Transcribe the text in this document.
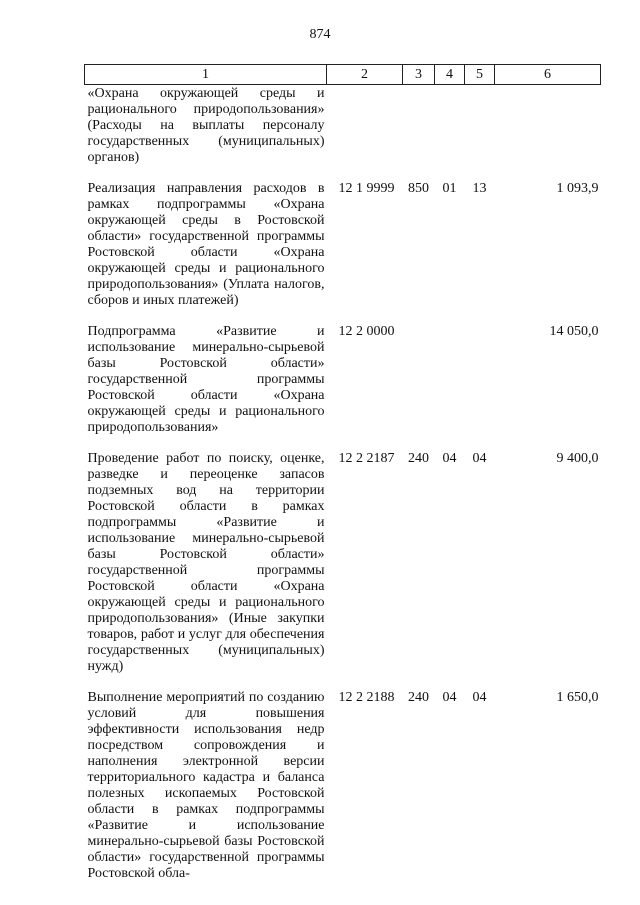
874
1	2	3	4	5	6
«Охрана окружающей среды и рационального природопользования» (Расходы на выплаты персоналу государственных (муниципальных) органов)					
Реализация направления расходов в рамках подпрограммы «Охрана окружающей среды в Ростовской области» государственной программы Ростовской области «Охрана окружающей среды и рационального природопользования» (Уплата налогов, сборов и иных платежей)	12 1 9999	850	01	13	1 093,9
Подпрограмма «Развитие и использование минерально-сырьевой базы Ростовской области» государственной программы Ростовской области «Охрана окружающей среды и рационального природопользования»	12 2 0000				14 050,0
Проведение работ по поиску, оценке, разведке и переоценке запасов подземных вод на территории Ростовской области в рамках подпрограммы «Развитие и использование минерально-сырьевой базы Ростовской области» государственной программы Ростовской области «Охрана окружающей среды и рационального природопользования» (Иные закупки товаров, работ и услуг для обеспечения государственных (муниципальных) нужд)	12 2 2187	240	04	04	9 400,0
Выполнение мероприятий по созданию условий для повышения эффективности использования недр посредством сопровождения и наполнения электронной версии территориального кадастра и баланса полезных ископаемых Ростовской области в рамках подпрограммы «Развитие и использование минерально-сырьевой базы Ростовской области» государственной программы Ростовской обла-	12 2 2188	240	04	04	1 650,0
